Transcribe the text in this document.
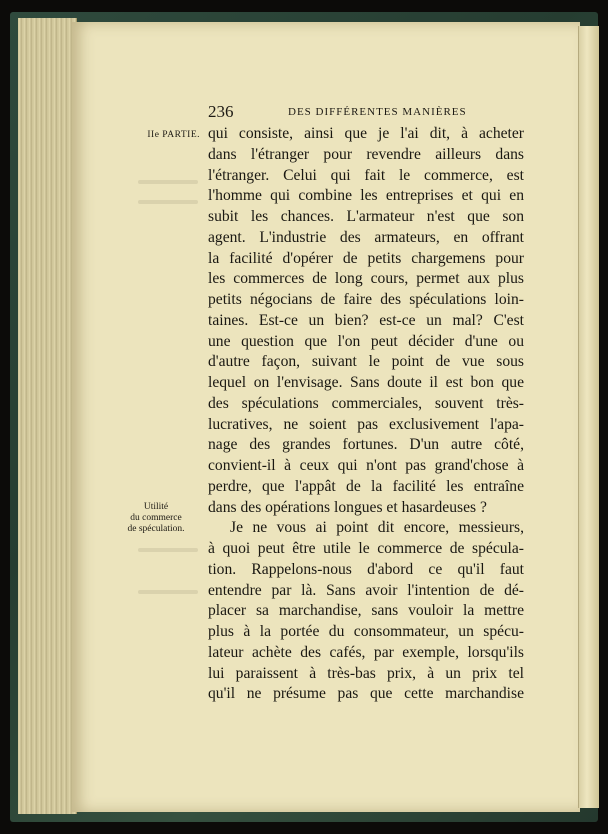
236	DES DIFFÉRENTES MANIÈRES
IIe PARTIE.
Utilité
du commerce
de spéculation.
qui consiste, ainsi que je l'ai dit, à acheter
dans l'étranger pour revendre ailleurs dans
l'étranger. Celui qui fait le commerce, est
l'homme qui combine les entreprises et qui en
subit les chances. L'armateur n'est que son
agent. L'industrie des armateurs, en offrant
la facilité d'opérer de petits chargemens pour
les commerces de long cours, permet aux plus
petits négocians de faire des spéculations loin-
taines. Est-ce un bien? est-ce un mal? C'est
une question que l'on peut décider d'une ou
d'autre façon, suivant le point de vue sous
lequel on l'envisage. Sans doute il est bon que
des spéculations commerciales, souvent très-
lucratives, ne soient pas exclusivement l'apa-
nage des grandes fortunes. D'un autre côté,
convient-il à ceux qui n'ont pas grand'chose à
perdre, que l'appât de la facilité les entraîne
dans des opérations longues et hasardeuses ?
Je ne vous ai point dit encore, messieurs,
à quoi peut être utile le commerce de spécula-
tion. Rappelons-nous d'abord ce qu'il faut
entendre par là. Sans avoir l'intention de dé-
placer sa marchandise, sans vouloir la mettre
plus à la portée du consommateur, un spécu-
lateur achète des cafés, par exemple, lorsqu'ils
lui paraissent à très-bas prix, à un prix tel
qu'il ne présume pas que cette marchandise
